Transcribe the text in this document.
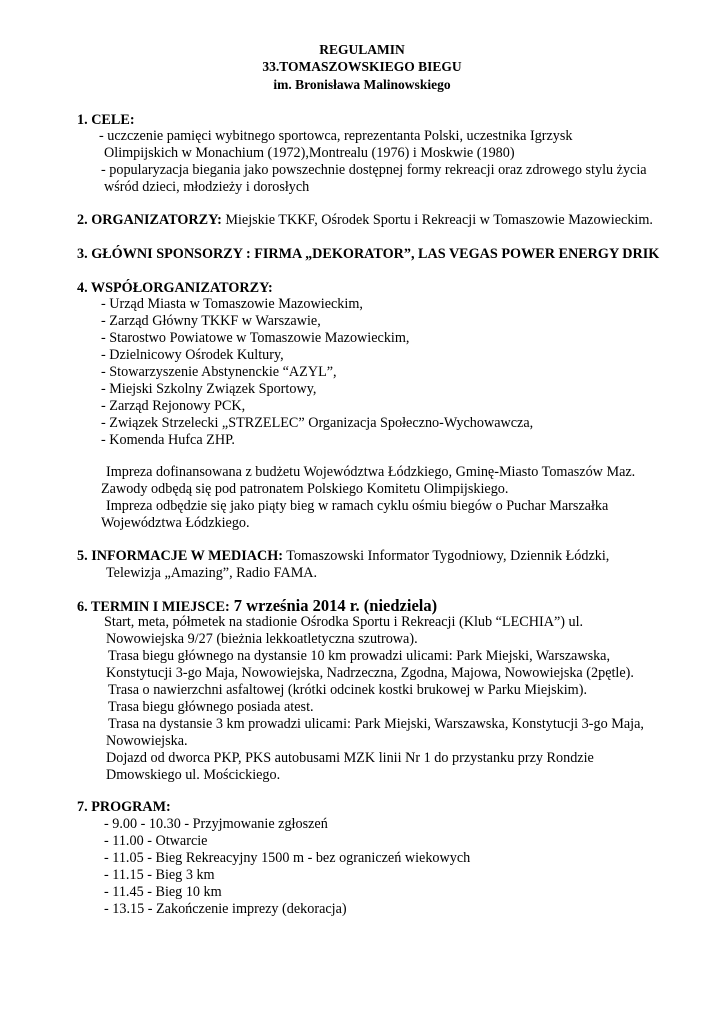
REGULAMIN
33.TOMASZOWSKIEGO BIEGU
im. Bronisława Malinowskiego
1. CELE:
- uczczenie pamięci wybitnego sportowca, reprezentanta Polski, uczestnika Igrzysk
Olimpijskich w Monachium (1972),Montrealu (1976) i Moskwie (1980)
- popularyzacja biegania jako powszechnie dostępnej formy rekreacji oraz zdrowego stylu życia
wśród dzieci, młodzieży i dorosłych
2. ORGANIZATORZY: Miejskie TKKF, Ośrodek Sportu i Rekreacji w Tomaszowie Mazowieckim.
3. GŁÓWNI SPONSORZY : FIRMA „DEKORATOR”, LAS VEGAS POWER ENERGY DRIK
4. WSPÓŁORGANIZATORZY:
- Urząd Miasta w Tomaszowie Mazowieckim,
- Zarząd Główny TKKF w Warszawie,
- Starostwo Powiatowe w Tomaszowie Mazowieckim,
- Dzielnicowy Ośrodek Kultury,
- Stowarzyszenie Abstynenckie “AZYL”,
- Miejski Szkolny Związek Sportowy,
- Zarząd Rejonowy PCK,
- Związek Strzelecki „STRZELEC” Organizacja Społeczno-Wychowawcza,
- Komenda Hufca ZHP.
Impreza dofinansowana z budżetu Województwa Łódzkiego, Gminę-Miasto Tomaszów Maz.
Zawody odbędą się pod patronatem Polskiego Komitetu Olimpijskiego.
Impreza odbędzie się jako piąty bieg w ramach cyklu ośmiu biegów o Puchar Marszałka
Województwa Łódzkiego.
5. INFORMACJE W MEDIACH: Tomaszowski Informator Tygodniowy, Dziennik Łódzki,
Telewizja „Amazing”, Radio FAMA.
6. TERMIN I MIEJSCE: 7 września 2014 r. (niedziela)
Start, meta, półmetek na stadionie Ośrodka Sportu i Rekreacji (Klub “LECHIA”) ul.
Nowowiejska 9/27 (bieżnia lekkoatletyczna szutrowa).
Trasa biegu głównego na dystansie 10 km prowadzi ulicami: Park Miejski, Warszawska,
Konstytucji 3-go Maja, Nowowiejska, Nadrzeczna, Zgodna, Majowa, Nowowiejska (2pętle).
Trasa o nawierzchni asfaltowej (krótki odcinek kostki brukowej w Parku Miejskim).
Trasa biegu głównego posiada atest.
Trasa na dystansie 3 km prowadzi ulicami: Park Miejski, Warszawska, Konstytucji 3-go Maja,
Nowowiejska.
Dojazd od dworca PKP, PKS autobusami MZK linii Nr 1 do przystanku przy Rondzie
Dmowskiego ul. Mościckiego.
7. PROGRAM:
- 9.00 - 10.30 - Przyjmowanie zgłoszeń
- 11.00 - Otwarcie
- 11.05 - Bieg Rekreacyjny 1500 m - bez ograniczeń wiekowych
- 11.15 - Bieg 3 km
- 11.45 - Bieg 10 km
- 13.15 - Zakończenie imprezy (dekoracja)
